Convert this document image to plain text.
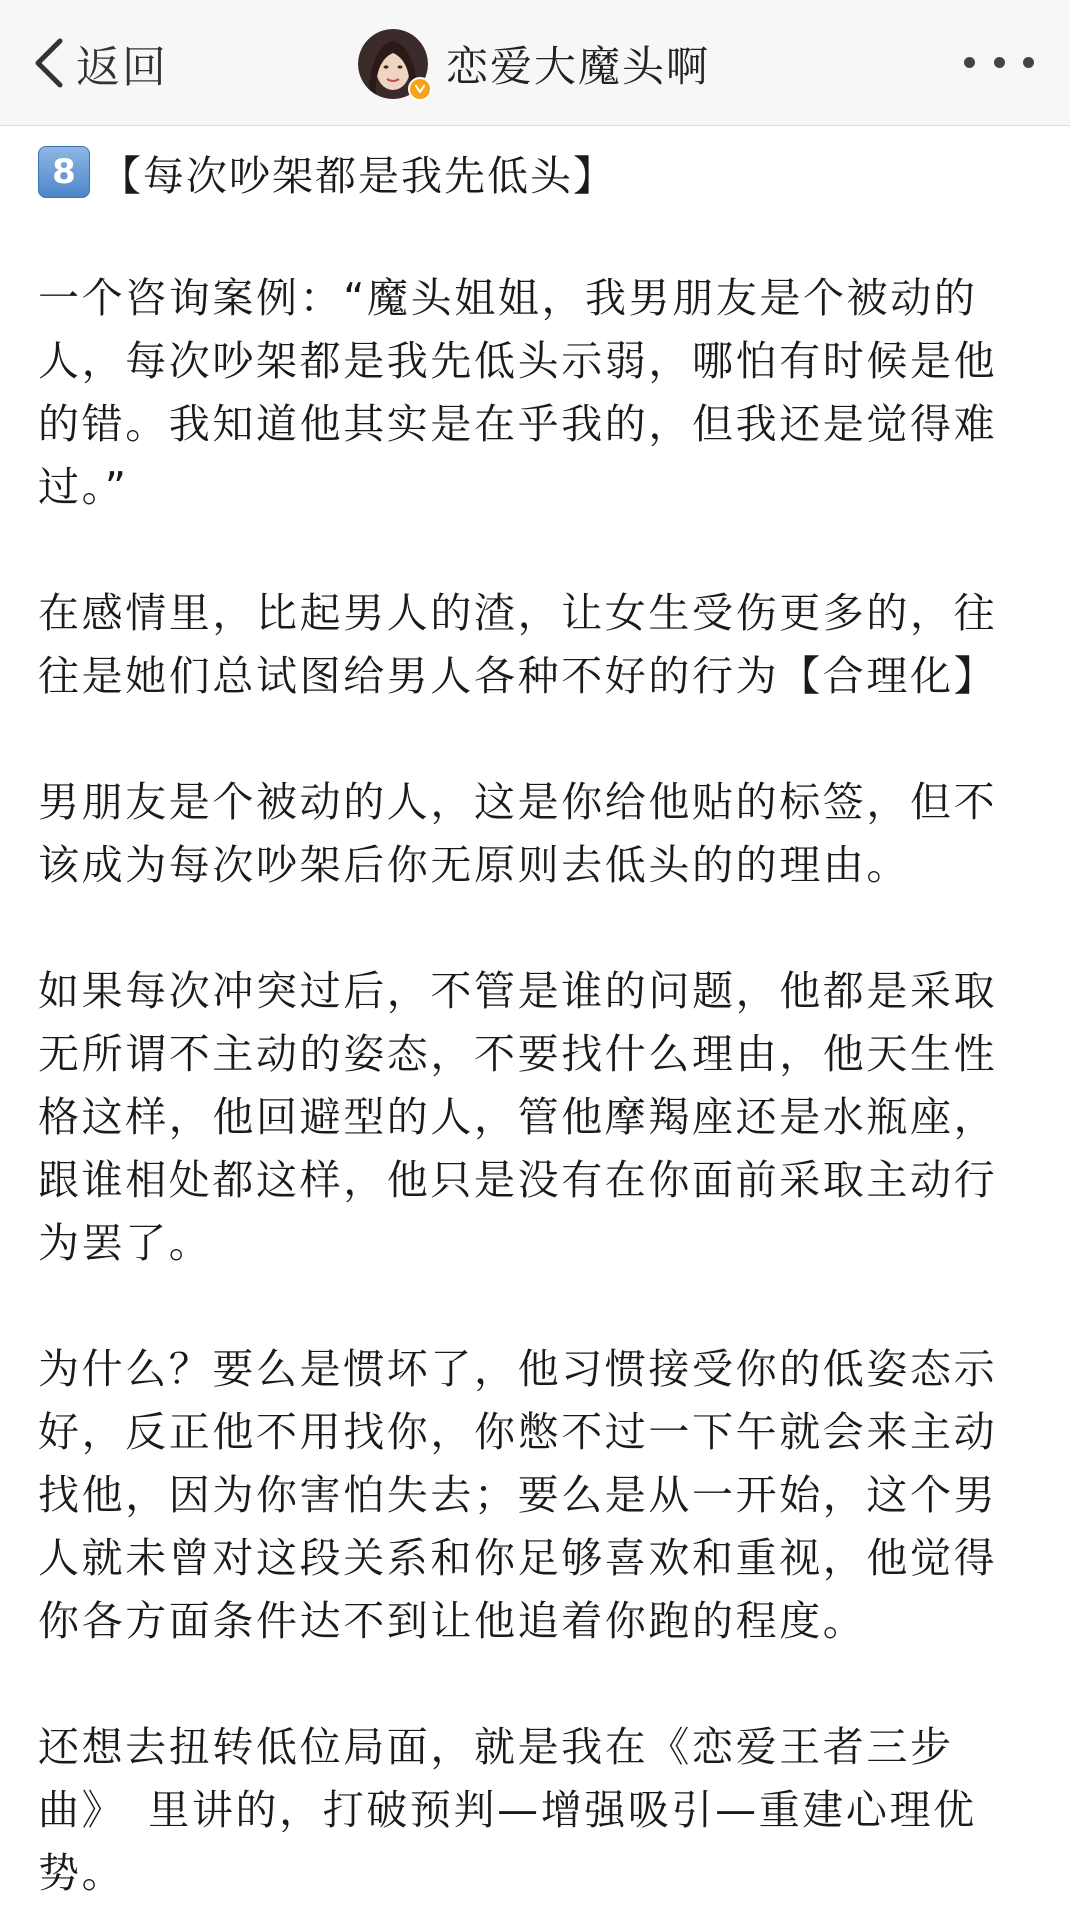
返回	恋爱大魔头啊
8 【每次吵架都是我先低头】

一个咨询案例：“魔头姐姐，我男朋友是个被动的人，每次吵架都是我先低头示弱，哪怕有时候是他的错。我知道他其实是在乎我的，但我还是觉得难过。”

在感情里，比起男人的渣，让女生受伤更多的，往往是她们总试图给男人各种不好的行为【合理化】

男朋友是个被动的人，这是你给他贴的标签，但不该成为每次吵架后你无原则去低头的的理由。

如果每次冲突过后，不管是谁的问题，他都是采取无所谓不主动的姿态，不要找什么理由，他天生性格这样，他回避型的人，管他摩羯座还是水瓶座，跟谁相处都这样，他只是没有在你面前采取主动行为罢了。

为什么？要么是惯坏了，他习惯接受你的低姿态示好，反正他不用找你，你憋不过一下午就会来主动找他，因为你害怕失去；要么是从一开始，这个男人就未曾对这段关系和你足够喜欢和重视，他觉得你各方面条件达不到让他追着你跑的程度。

还想去扭转低位局面，就是我在《恋爱王者三步曲》　里讲的，打破预判—增强吸引—重建心理优势。
